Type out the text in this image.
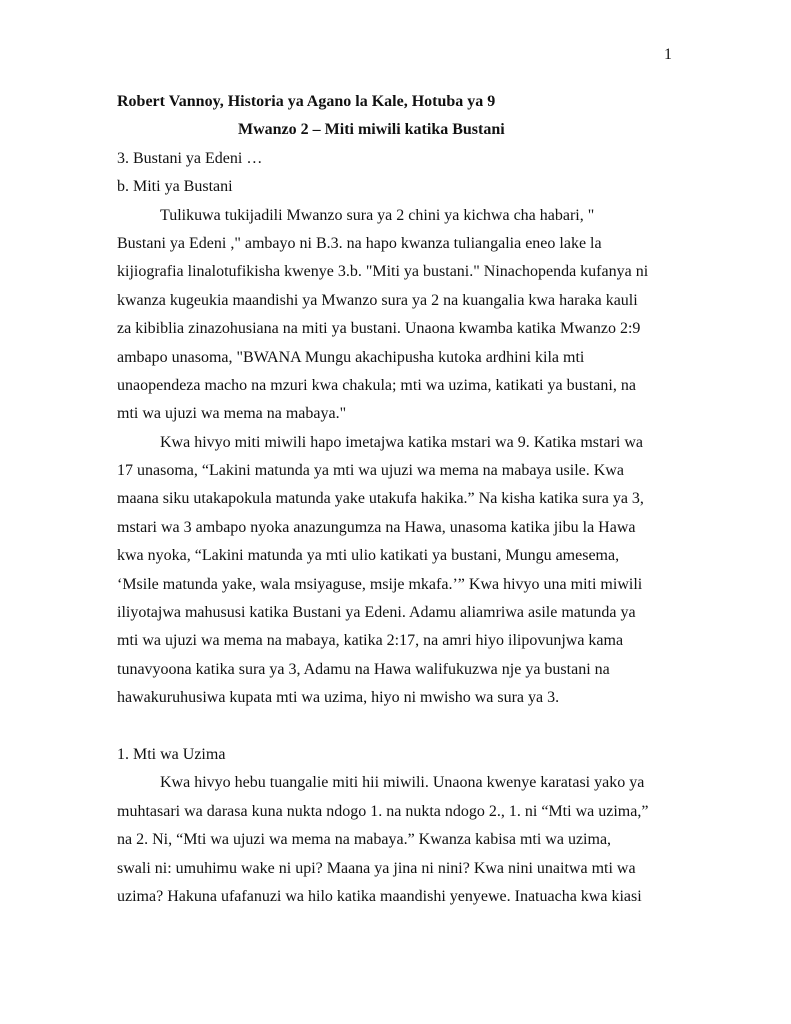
1
Robert Vannoy, Historia ya Agano la Kale, Hotuba ya 9
Mwanzo 2 – Miti miwili katika Bustani
3. Bustani ya Edeni …
b. Miti ya Bustani
Tulikuwa tukijadili Mwanzo sura ya 2 chini ya kichwa cha habari, "
Bustani ya Edeni ," ambayo ni B.3. na hapo kwanza tuliangalia eneo lake la
kijiografia linalotufikisha kwenye 3.b. "Miti ya bustani." Ninachopenda kufanya ni
kwanza kugeukia maandishi ya Mwanzo sura ya 2 na kuangalia kwa haraka kauli
za kibiblia zinazohusiana na miti ya bustani. Unaona kwamba katika Mwanzo 2:9
ambapo unasoma, "BWANA Mungu akachipusha kutoka ardhini kila mti
unaopendeza macho na mzuri kwa chakula; mti wa uzima, katikati ya bustani, na
mti wa ujuzi wa mema na mabaya."
Kwa hivyo miti miwili hapo imetajwa katika mstari wa 9. Katika mstari wa
17 unasoma, “Lakini matunda ya mti wa ujuzi wa mema na mabaya usile. Kwa
maana siku utakapokula matunda yake utakufa hakika.” Na kisha katika sura ya 3,
mstari wa 3 ambapo nyoka anazungumza na Hawa, unasoma katika jibu la Hawa
kwa nyoka, “Lakini matunda ya mti ulio katikati ya bustani, Mungu amesema,
‘Msile matunda yake, wala msiyaguse, msije mkafa.’” Kwa hivyo una miti miwili
iliyotajwa mahususi katika Bustani ya Edeni. Adamu aliamriwa asile matunda ya
mti wa ujuzi wa mema na mabaya, katika 2:17, na amri hiyo ilipovunjwa kama
tunavyoona katika sura ya 3, Adamu na Hawa walifukuzwa nje ya bustani na
hawakuruhusiwa kupata mti wa uzima, hiyo ni mwisho wa sura ya 3.
1. Mti wa Uzima
Kwa hivyo hebu tuangalie miti hii miwili. Unaona kwenye karatasi yako ya
muhtasari wa darasa kuna nukta ndogo 1. na nukta ndogo 2., 1. ni “Mti wa uzima,”
na 2. Ni, “Mti wa ujuzi wa mema na mabaya.” Kwanza kabisa mti wa uzima,
swali ni: umuhimu wake ni upi? Maana ya jina ni nini? Kwa nini unaitwa mti wa
uzima? Hakuna ufafanuzi wa hilo katika maandishi yenyewe. Inatuacha kwa kiasi
